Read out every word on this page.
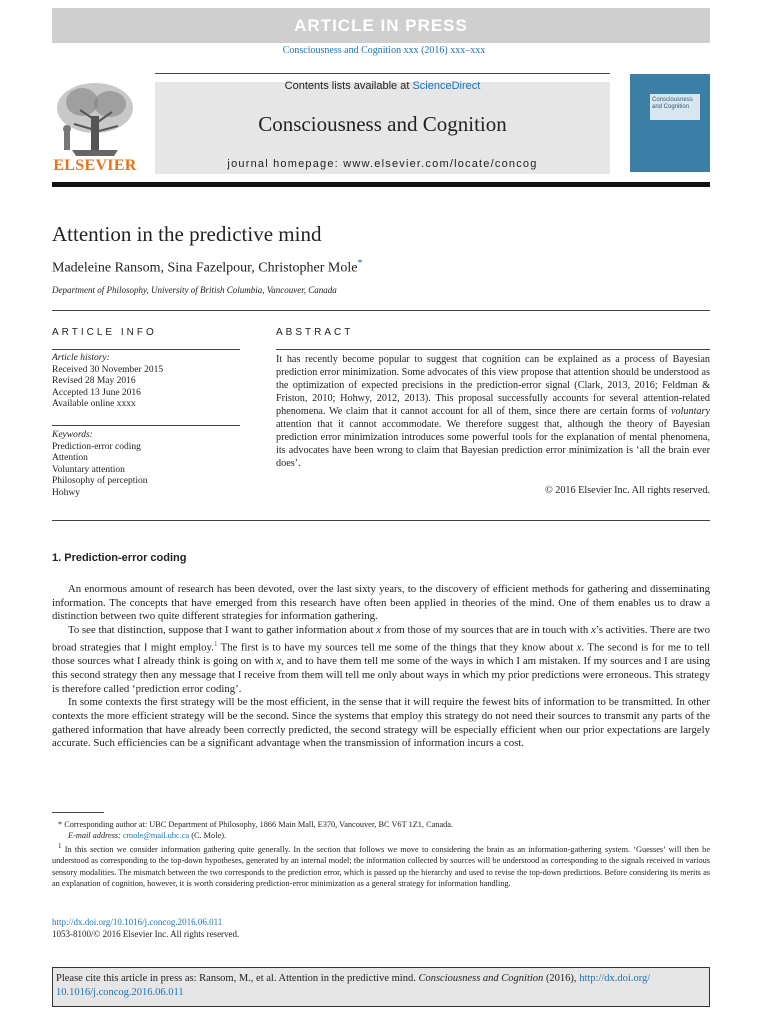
ARTICLE IN PRESS
Consciousness and Cognition xxx (2016) xxx–xxx
ELSEVIER
Contents lists available at ScienceDirect
Consciousness and Cognition
journal homepage: www.elsevier.com/locate/concog
Consciousness and Cognition
Attention in the predictive mind
Madeleine Ransom, Sina Fazelpour, Christopher Mole*
Department of Philosophy, University of British Columbia, Vancouver, Canada
ARTICLE INFO
Article history:
Received 30 November 2015
Revised 28 May 2016
Accepted 13 June 2016
Available online xxxx
Keywords:
Prediction-error coding
Attention
Voluntary attention
Philosophy of perception
Hohwy
ABSTRACT
It has recently become popular to suggest that cognition can be explained as a process of Bayesian prediction error minimization. Some advocates of this view propose that attention should be understood as the optimization of expected precisions in the prediction-error signal (Clark, 2013, 2016; Feldman & Friston, 2010; Hohwy, 2012, 2013). This proposal successfully accounts for several attention-related phenomena. We claim that it cannot account for all of them, since there are certain forms of voluntary attention that it cannot accommodate. We therefore suggest that, although the theory of Bayesian prediction error minimization introduces some powerful tools for the explanation of mental phenomena, its advocates have been wrong to claim that Bayesian prediction error minimization is ‘all the brain ever does’.
© 2016 Elsevier Inc. All rights reserved.
1. Prediction-error coding

An enormous amount of research has been devoted, over the last sixty years, to the discovery of efficient methods for gathering and disseminating information. The concepts that have emerged from this research have often been applied in theories of the mind. One of them enables us to draw a distinction between two quite different strategies for information gathering.

To see that distinction, suppose that I want to gather information about x from those of my sources that are in touch with x’s activities. There are two broad strategies that I might employ.$^1$ The first is to have my sources tell me some of the things that they know about x. The second is for me to tell those sources what I already think is going on with x, and to have them tell me some of the ways in which I am mistaken. If my sources and I are using this second strategy then any message that I receive from them will tell me only about ways in which my prior predictions were erroneous. This strategy is therefore called ‘prediction error coding’.

In some contexts the first strategy will be the most efficient, in the sense that it will require the fewest bits of information to be transmitted. In other contexts the more efficient strategy will be the second. Since the systems that employ this strategy do not need their sources to transmit any parts of the gathered information that have already been correctly predicted, the second strategy will be especially efficient when our prior expectations are largely accurate. Such efficiencies can be a significant advantage when the transmission of information incurs a cost.

* Corresponding author at: UBC Department of Philosophy, 1866 Main Mall, E370, Vancouver, BC V6T 1Z1, Canada.

E-mail address: cmole@mail.ubc.ca (C. Mole).

$^1$ In this section we consider information gathering quite generally. In the section that follows we move to considering the brain as an information-gathering system. ‘Guesses’ will then be understood as corresponding to the top-down hypotheses, generated by an internal model; the information collected by sources will be understood as corresponding to the signals received in various sensory modalities. The mismatch between the two corresponds to the prediction error, which is passed up the hierarchy and used to revise the top-down predictions. Before considering its merits as an explanation of cognition, however, it is worth considering prediction-error minimization as a general strategy for information handling.

http://dx.doi.org/10.1016/j.concog.2016.06.011
1053-8100/© 2016 Elsevier Inc. All rights reserved.
Please cite this article in press as: Ransom, M., et al. Attention in the predictive mind. Consciousness and Cognition (2016), http://dx.doi.org/
10.1016/j.concog.2016.06.011
